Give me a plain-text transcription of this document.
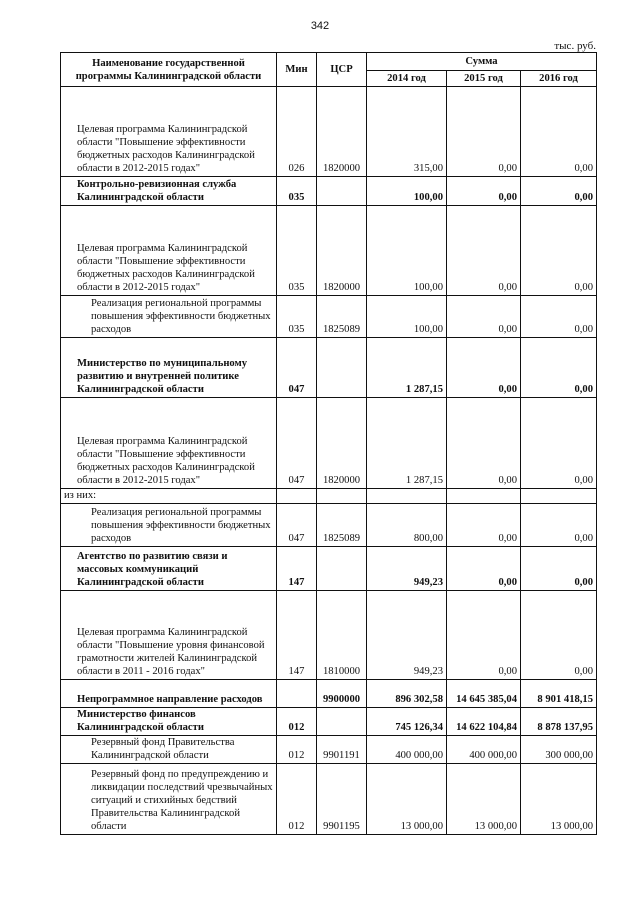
342
тыс. руб.
Наименование государственной программы Калининградской области	Мин	ЦСР	Сумма		
			2014 год	2015 год	2016 год
Целевая программа Калининградской области "Повышение эффективности бюджетных расходов Калининградской области в 2012-2015 годах"	026	1820000	315,00	0,00	0,00
Контрольно-ревизионная служба Калининградской области	035		100,00	0,00	0,00
Целевая программа Калининградской области "Повышение эффективности бюджетных расходов Калининградской области в 2012-2015 годах"	035	1820000	100,00	0,00	0,00
Реализация региональной программы повышения эффективности бюджетных расходов	035	1825089	100,00	0,00	0,00
Министерство по муниципальному развитию и внутренней политике Калининградской области	047		1 287,15	0,00	0,00
Целевая программа Калининградской области "Повышение эффективности бюджетных расходов Калининградской области в 2012-2015 годах"	047	1820000	1 287,15	0,00	0,00
из них:					
Реализация региональной программы повышения эффективности бюджетных расходов	047	1825089	800,00	0,00	0,00
Агентство по развитию связи и массовых коммуникаций Калининградской области	147		949,23	0,00	0,00
Целевая программа Калининградской области "Повышение уровня финансовой грамотности жителей Калининградской области в 2011 - 2016 годах"	147	1810000	949,23	0,00	0,00
Непрограммное направление расходов		9900000	896 302,58	14 645 385,04	8 901 418,15
Министерство финансов Калининградской области	012		745 126,34	14 622 104,84	8 878 137,95
Резервный фонд Правительства Калининградской области	012	9901191	400 000,00	400 000,00	300 000,00
Резервный фонд по предупреждению и ликвидации последствий чрезвычайных ситуаций и стихийных бедствий Правительства Калининградской области	012	9901195	13 000,00	13 000,00	13 000,00
